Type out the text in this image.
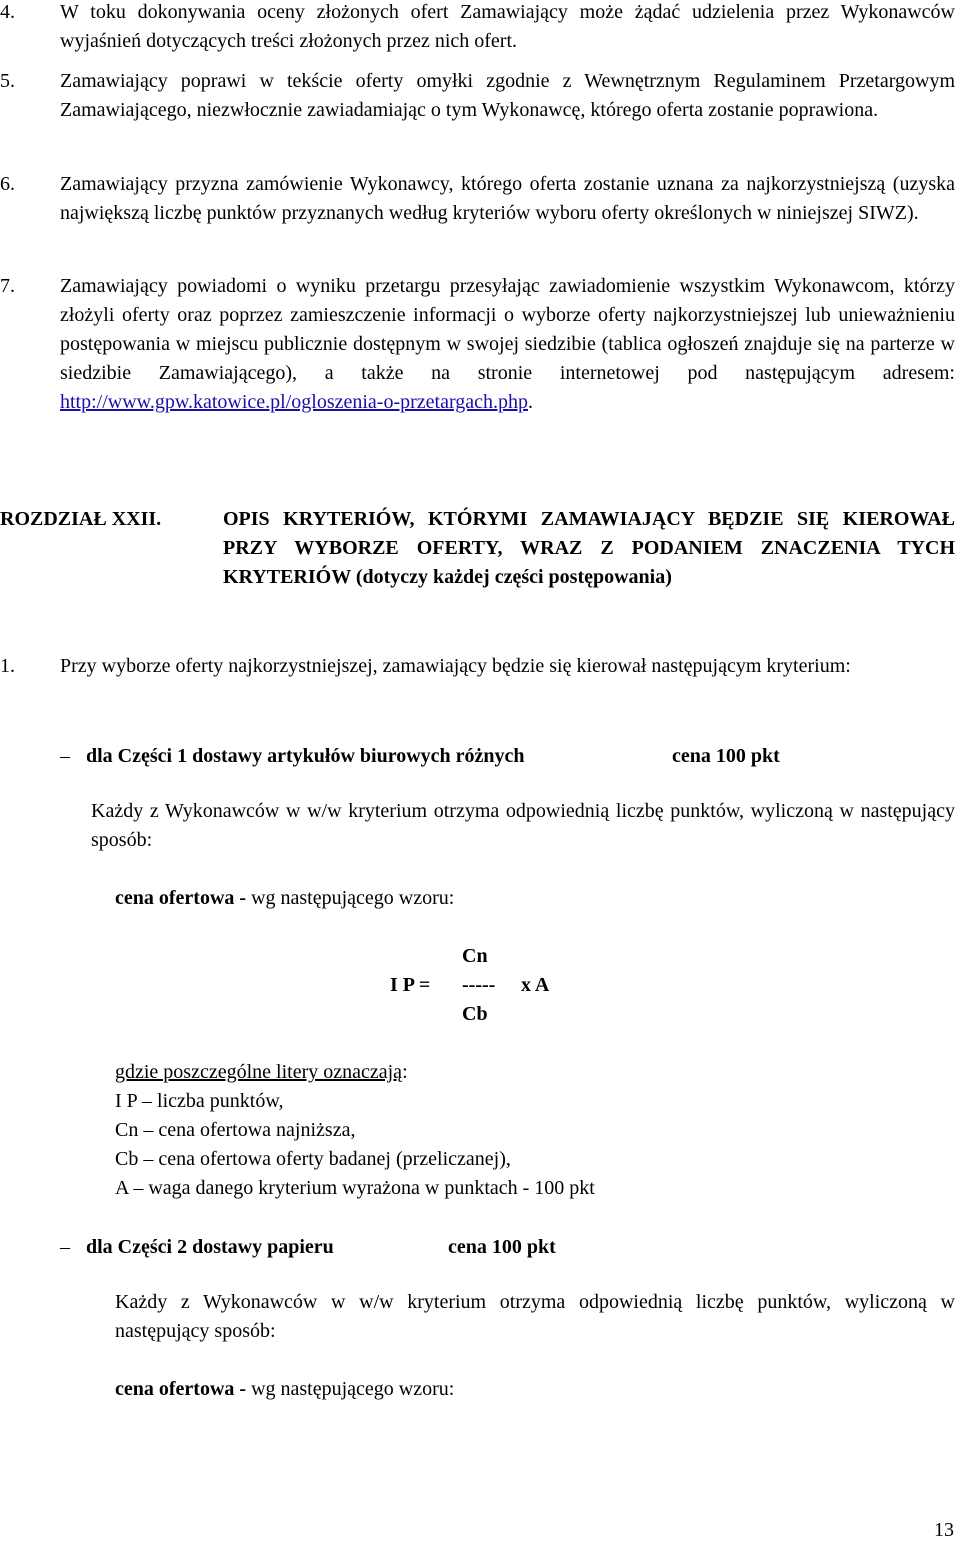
4. W toku dokonywania oceny złożonych ofert Zamawiający może żądać udzielenia przez Wykonawców wyjaśnień dotyczących treści złożonych przez nich ofert.
5. Zamawiający poprawi w tekście oferty omyłki zgodnie z Wewnętrznym Regulaminem Przetargowym Zamawiającego, niezwłocznie zawiadamiając o tym Wykonawcę, którego oferta zostanie poprawiona.
6. Zamawiający przyzna zamówienie Wykonawcy, którego oferta zostanie uznana za najkorzystniejszą (uzyska największą liczbę punktów przyznanych według kryteriów wyboru oferty określonych w niniejszej SIWZ).
7. Zamawiający powiadomi o wyniku przetargu przesyłając zawiadomienie wszystkim Wykonawcom, którzy złożyli oferty oraz poprzez zamieszczenie informacji o wyborze oferty najkorzystniejszej lub unieważnieniu postępowania w miejscu publicznie dostępnym w swojej siedzibie (tablica ogłoszeń znajduje się na parterze w siedzibie Zamawiającego), a także na stronie internetowej pod następującym adresem: http://www.gpw.katowice.pl/ogloszenia-o-przetargach.php.
ROZDZIAŁ XXII.	OPIS KRYTERIÓW, KTÓRYMI ZAMAWIAJĄCY BĘDZIE SIĘ KIEROWAŁ PRZY WYBORZE OFERTY, WRAZ Z PODANIEM ZNACZENIA TYCH KRYTERIÓW (dotyczy każdej części postępowania)
1. Przy wyborze oferty najkorzystniejszej, zamawiający będzie się kierował następującym kryterium:
– dla Części 1 dostawy artykułów biurowych różnych	cena 100 pkt
Każdy z Wykonawców w w/w kryterium otrzyma odpowiednią liczbę punktów, wyliczoną w następujący sposób:
cena ofertowa - wg następującego wzoru:
Cn
I P = ----- x A
Cb
gdzie poszczególne litery oznaczają:
I P – liczba punktów,
Cn – cena ofertowa najniższa,
Cb – cena ofertowa oferty badanej (przeliczanej),
A – waga danego kryterium wyrażona w punktach - 100 pkt
– dla Części 2 dostawy papieru	cena 100 pkt
Każdy z Wykonawców w w/w kryterium otrzyma odpowiednią liczbę punktów, wyliczoną w następujący sposób:
cena ofertowa - wg następującego wzoru:
13
